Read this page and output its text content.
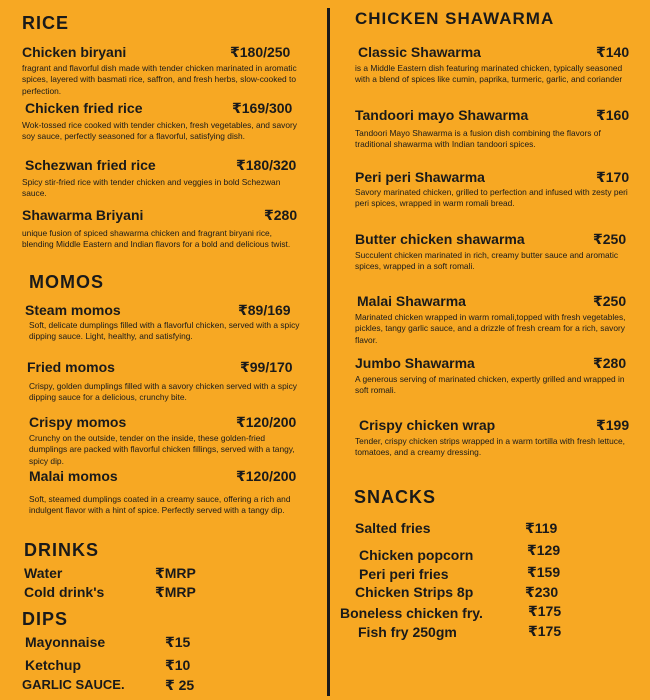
RICE
Chicken biryani	₹180/250
fragrant and flavorful dish made with tender chicken marinated in aromatic spices, layered with basmati rice, saffron, and fresh herbs, slow-cooked to perfection.
Chicken fried rice	₹169/300
Wok-tossed rice cooked with tender chicken, fresh vegetables, and savory soy sauce, perfectly seasoned for a flavorful, satisfying dish.
Schezwan fried rice	₹180/320
Spicy stir-fried rice with tender chicken and veggies in bold Schezwan sauce.
Shawarma Briyani	₹280
unique fusion of spiced shawarma chicken and fragrant biryani rice, blending Middle Eastern and Indian flavors for a bold and delicious twist.
MOMOS
Steam momos	₹89/169
Soft, delicate dumplings filled with a flavorful chicken, served with a spicy dipping sauce. Light, healthy, and satisfying.
Fried momos	₹99/170
Crispy, golden dumplings filled with a savory chicken served with a spicy dipping sauce for a delicious, crunchy bite.
Crispy momos	₹120/200
Crunchy on the outside, tender on the inside, these golden-fried dumplings are packed with flavorful chicken fillings, served with a tangy, spicy dip.
Malai momos	₹120/200
Soft, steamed dumplings coated in a creamy sauce, offering a rich and indulgent flavor with a hint of spice. Perfectly served with a tangy dip.
DRINKS
Water	₹MRP
Cold drink's	₹MRP
DIPS
Mayonnaise	₹15
Ketchup	₹10
GARLIC SAUCE.	₹ 25
CHICKEN SHAWARMA
Classic Shawarma	₹140
is a Middle Eastern dish featuring marinated chicken, typically seasoned with a blend of spices like cumin, paprika, turmeric, garlic, and coriander
Tandoori mayo Shawarma	₹160
Tandoori Mayo Shawarma is a fusion dish combining the flavors of traditional shawarma with Indian tandoori spices.
Peri peri Shawarma	₹170
Savory marinated chicken, grilled to perfection and infused with zesty peri peri spices, wrapped in warm romali bread.
Butter chicken shawarma	₹250
Succulent chicken marinated in rich, creamy butter sauce and aromatic spices, wrapped in a soft romali.
Malai Shawarma	₹250
Marinated chicken wrapped in warm romali,topped with fresh vegetables, pickles, tangy garlic sauce, and a drizzle of fresh cream for a rich, savory flavor.
Jumbo Shawarma	₹280
A generous serving of marinated chicken, expertly grilled and wrapped in soft romali.
Crispy chicken wrap	₹199
Tender, crispy chicken strips wrapped in a warm tortilla with fresh lettuce, tomatoes, and a creamy dressing.
SNACKS
Salted fries	₹119
Chicken popcorn	₹129
Peri peri fries	₹159
Chicken Strips 8p	₹230
Boneless chicken fry.	₹175
Fish fry 250gm	₹175
